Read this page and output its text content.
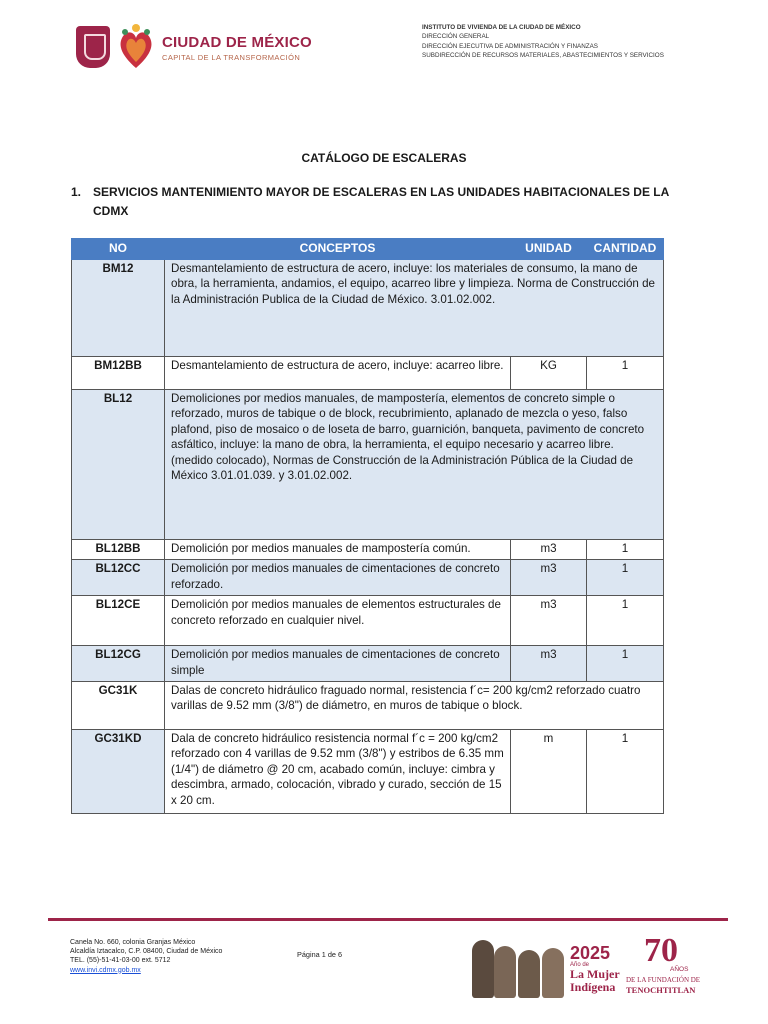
CIUDAD DE MÉXICO
CAPITAL DE LA TRANSFORMACIÓN
INSTITUTO DE VIVIENDA DE LA CIUDAD DE MÉXICO
DIRECCIÓN GENERAL
DIRECCIÓN EJECUTIVA DE ADMINISTRACIÓN Y FINANZAS
SUBDIRECCIÓN DE RECURSOS MATERIALES, ABASTECIMIENTOS Y SERVICIOS
CATÁLOGO DE ESCALERAS
1. SERVICIOS MANTENIMIENTO MAYOR DE ESCALERAS EN LAS UNIDADES HABITACIONALES DE LA CDMX
NO	CONCEPTOS	UNIDAD	CANTIDAD
BM12	Desmantelamiento de estructura de acero, incluye: los materiales de consumo, la mano de obra, la herramienta, andamios, el equipo, acarreo libre y limpieza. Norma de Construcción de la Administración Publica de la Ciudad de México. 3.01.02.002.		
BM12BB	Desmantelamiento de estructura de acero, incluye: acarreo libre.	KG	1
BL12	Demoliciones por medios manuales, de mampostería, elementos de concreto simple o reforzado, muros de tabique o de block, recubrimiento, aplanado de mezcla o yeso, falso plafond, piso de mosaico o de loseta de barro, guarnición, banqueta, pavimento de concreto asfáltico, incluye: la mano de obra, la herramienta, el equipo necesario y acarreo libre. (medido colocado), Normas de Construcción de la Administración Pública de la Ciudad de México 3.01.01.039. y 3.01.02.002.		
BL12BB	Demolición por medios manuales de mampostería común.	m3	1
BL12CC	Demolición por medios manuales de cimentaciones de concreto reforzado.	m3	1
BL12CE	Demolición por medios manuales de elementos estructurales de concreto reforzado en cualquier nivel.	m3	1
BL12CG	Demolición por medios manuales de cimentaciones de concreto simple	m3	1
GC31K	Dalas de concreto hidráulico fraguado normal, resistencia f´c= 200 kg/cm2 reforzado cuatro varillas de 9.52 mm (3/8") de diámetro, en muros de tabique o block.		
GC31KD	Dala de concreto hidráulico resistencia normal f´c = 200 kg/cm2 reforzado con 4 varillas de 9.52 mm (3/8") y estribos de 6.35 mm (1/4") de diámetro @ 20 cm, acabado común, incluye: cimbra y descimbra, armado, colocación, vibrado y curado, sección de 15 x 20 cm.	m	1
Canela No. 660, colonia Granjas México
Alcaldía Iztacalco, C.P. 08400, Ciudad de México
TEL. (55)-51-41-03-00 ext. 5712
www.invi.cdmx.gob.mx
Página 1 de 6	2025
Año de
La Mujer
Indígena
70
AÑOS
DE LA FUNDACIÓN DE
TENOCHTITLAN
